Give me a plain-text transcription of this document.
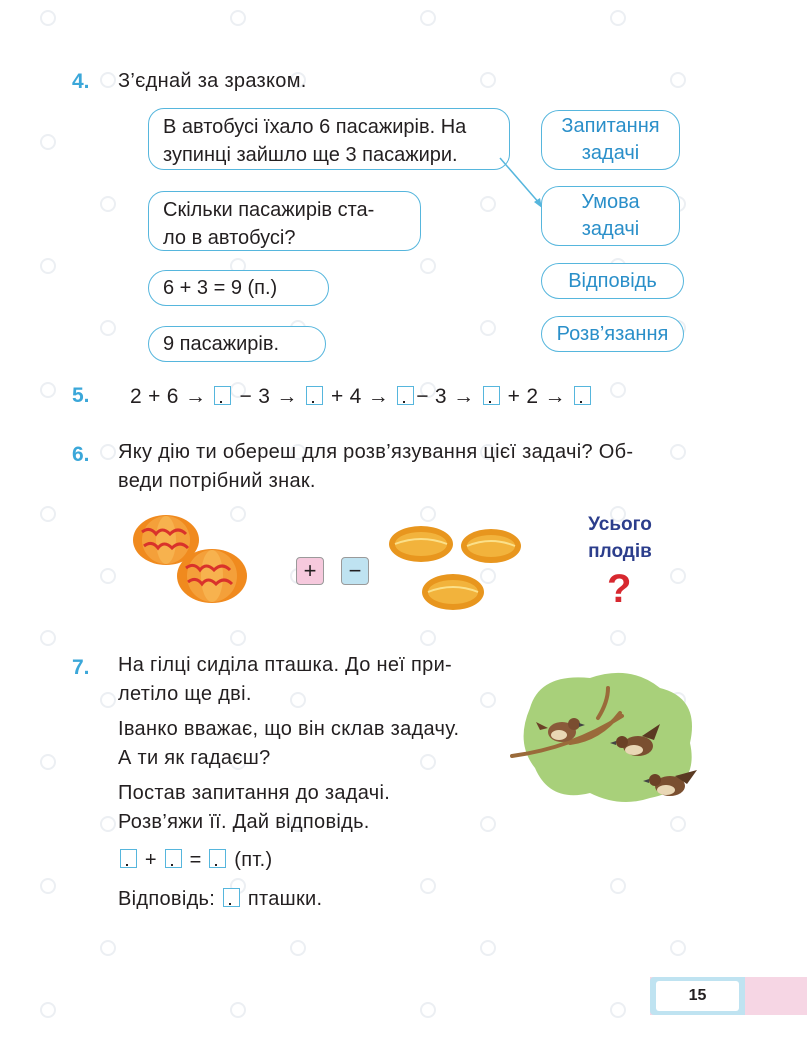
4. З’єднай за зразком.
В автобусі їхало 6 пасажирів. На
зупинці зайшло ще 3 пасажири.
Скільки пасажирів ста-
ло в автобусі?
6 + 3 = 9 (п.)
9 пасажирів.
Запитання
задачі
Умова
задачі
Відповідь
Розв’язання
5. 2 + 6 → − 3 → + 4 → − 3 → + 2 →
6. Яку дію ти обереш для розв’язування цієї задачі? Об-
веди потрібний знак.
+	−
Усього
плодів
?
7. На гілці сиділа пташка. До неї при-
летіло ще дві.
Іванко вважає, що він склав задачу.
А ти як гадаєш?
Постав запитання до задачі.
Розв’яжи її. Дай відповідь.
+ = (пт.)
Відповідь: пташки.
15
